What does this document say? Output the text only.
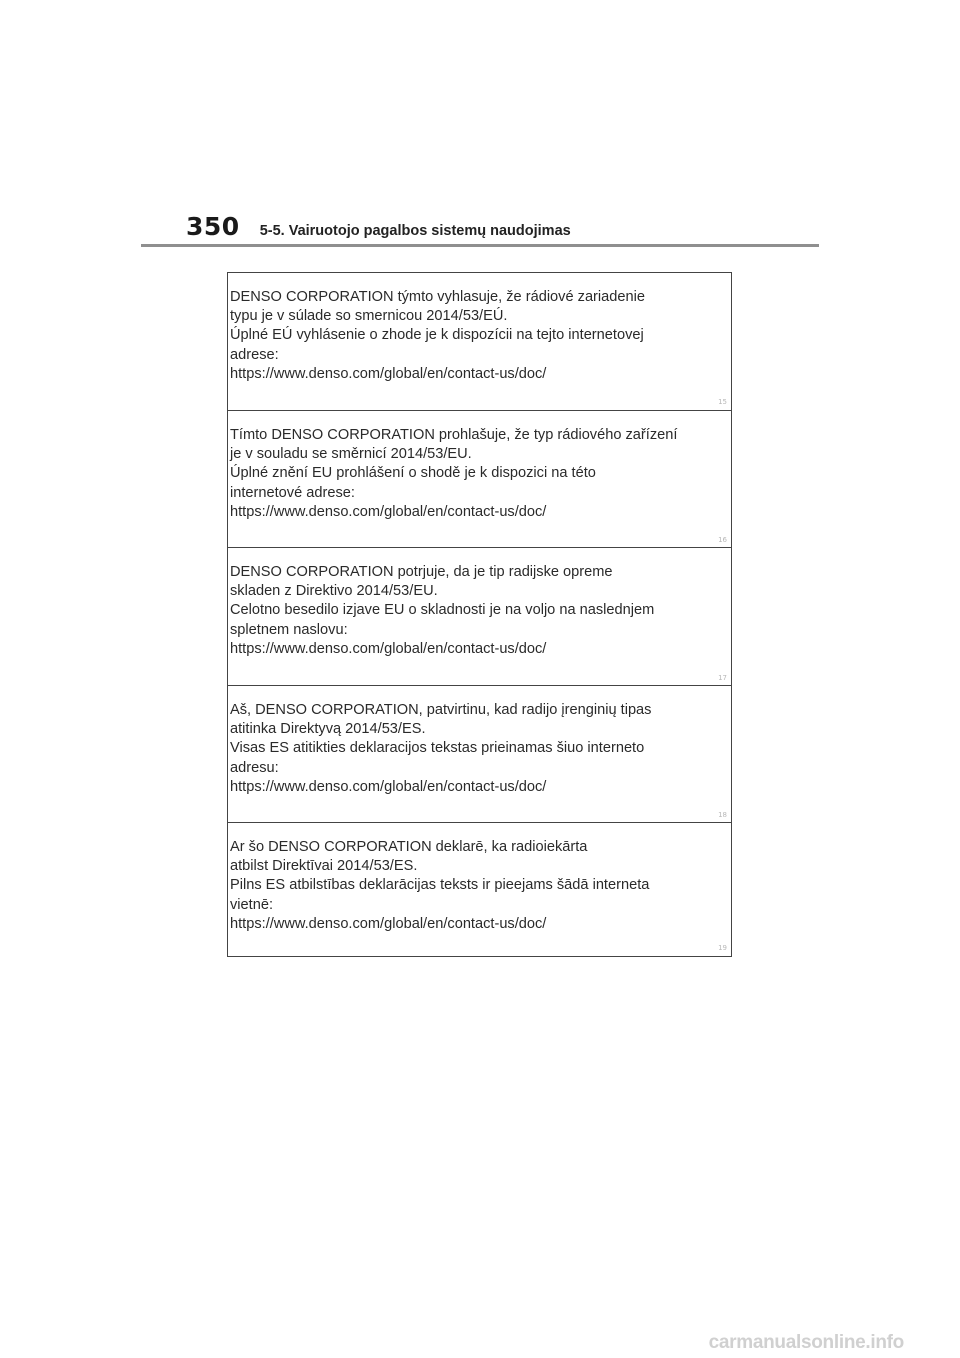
350 5-5. Vairuotojo pagalbos sistemų naudojimas
DENSO CORPORATION týmto vyhlasuje, že rádiové zariadenie
typu je v súlade so smernicou 2014/53/EÚ.
Úplné EÚ vyhlásenie o zhode je k dispozícii na tejto internetovej
adrese:
https://www.denso.com/global/en/contact-us/doc/
15
Tímto DENSO CORPORATION prohlašuje, že typ rádiového zařízení
je v souladu se směrnicí 2014/53/EU.
Úplné znění EU prohlášení o shodě je k dispozici na této
internetové adrese:
https://www.denso.com/global/en/contact-us/doc/
16
DENSO CORPORATION potrjuje, da je tip radijske opreme
skladen z Direktivo 2014/53/EU.
Celotno besedilo izjave EU o skladnosti je na voljo na naslednjem
spletnem naslovu:
https://www.denso.com/global/en/contact-us/doc/
17
Aš, DENSO CORPORATION, patvirtinu, kad radijo įrenginių tipas
atitinka Direktyvą 2014/53/ES.
Visas ES atitikties deklaracijos tekstas prieinamas šiuo interneto
adresu:
https://www.denso.com/global/en/contact-us/doc/
18
Ar šo DENSO CORPORATION deklarē, ka radioiekārta
atbilst Direktīvai 2014/53/ES.
Pilns ES atbilstības deklarācijas teksts ir pieejams šādā interneta
vietnē:
https://www.denso.com/global/en/contact-us/doc/
19
carmanualsonline.info
